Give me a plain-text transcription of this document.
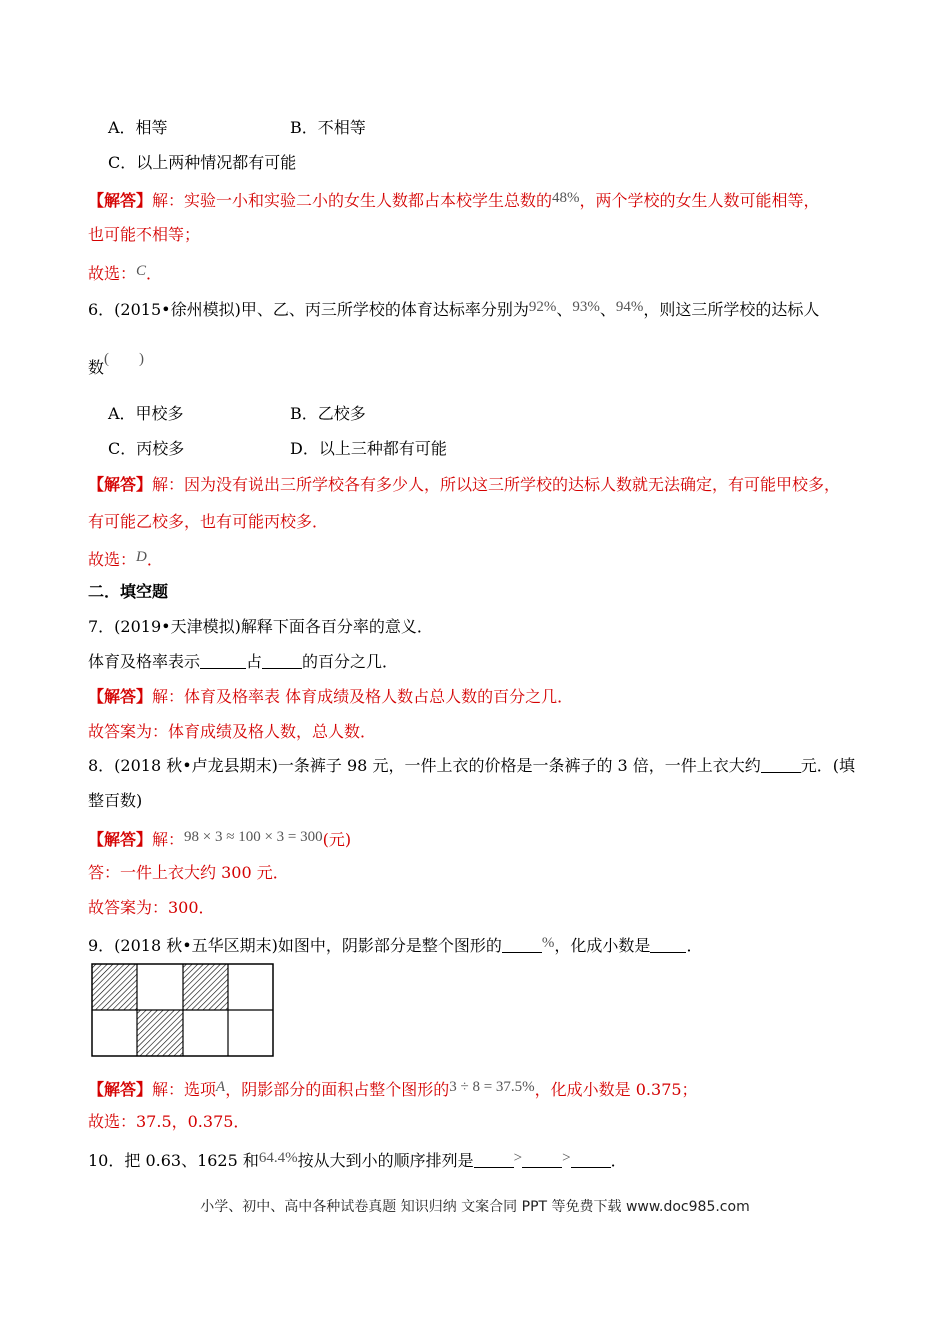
A．相等	B．不相等
C．以上两种情况都有可能
【解答】解：实验一小和实验二小的女生人数都占本校学生总数的48%，两个学校的女生人数可能相等，
也可能不相等；
故选：C．
6．(2015•徐州模拟)甲、乙、丙三所学校的体育达标率分别为92%、93%、94%，则这三所学校的达标人
数(　　)
A．甲校多	B．乙校多
C．丙校多	D．以上三种都有可能
【解答】解：因为没有说出三所学校各有多少人，所以这三所学校的达标人数就无法确定，有可能甲校多，
有可能乙校多，也有可能丙校多．
故选：D．
二．填空题
7．(2019•天津模拟)解释下面各百分率的意义．
体育及格率表示	占	的百分之几．
【解答】解：体育及格率表 体育成绩及格人数占总人数的百分之几．
故答案为：体育成绩及格人数，总人数．
8．(2018 秋•卢龙县期末)一条裤子 98 元，一件上衣的价格是一条裤子的 3 倍，一件上衣大约	元．(填
整百数)
【解答】解：98 × 3 ≈ 100 × 3 = 300(元)
答：一件上衣大约 300 元．
故答案为：300．
9．(2018 秋•五华区期末)如图中，阴影部分是整个图形的	%，化成小数是 ．
【解答】解：选项A，阴影部分的面积占整个图形的3 ÷ 8 = 37.5%，化成小数是 0.375；
故选：37.5，0.375．
10．把 0.63、1625 和64.4%按从大到小的顺序排列是	>	>	．
小学、初中、高中各种试卷真题 知识归纳 文案合同 PPT 等免费下载 www.doc985.com
